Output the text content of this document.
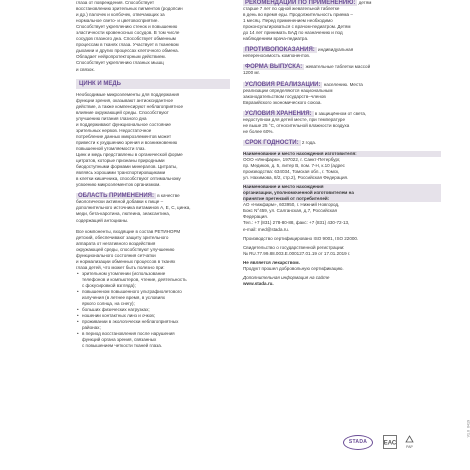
глаза от повреждения. Способствует

восстановлению зрительных пигментов (родопсин

и др.) палочек и колбочек, отвечающих за

нормальное свето- и цветовосприятие.

Способствует укреплению стенок и повышению

эластичности кровеносных сосудов. В том числе

сосудов глазного дна. Способствует обменным

процессам в тканях глаза. Участвует в тканевом

дыхании и других процессах клеточного обмена.

Обладает нейропротекторным действием.

Способствует укреплению глазных мышц

и связок.

ЦИНК И МЕДЬ

Необходимые микроэлементы для поддержания

функции зрения, оказывают антиоксидантное

действие, а также компенсируют неблагоприятное

влияние окружающей среды. Способствуют

улучшению питания глазного дна

и поддерживают функциональное состояние

зрительных нервов. Недостаточное

потребление данных микроэлементов может

привести к ухудшению зрения и возникновению

повышенной утомляемости глаз.

Цинк и медь представлены в органической форме

цитратов, которые признаны природными

биодоступными формами минералов. Цитраты,

являясь хорошими транспортировщиками

в клетки кишечника, способствуют оптимальному

усвоению микроэлементов организмом.

ОБЛАСТЬ ПРИМЕНЕНИЯ: в качестве

биологически активной добавки к пище –

дополнительного источника витаминов А, Е, С, цинка,

меди, бета-каротина, лютеина, зеаксантина,

содержащей антоцианы.

Все компоненты, входящие в состав РЕТИНОРМ

детский, обеспечивают защиту зрительного

аппарата от негативного воздействия

окружающей среды, способствуют улучшению

функционального состояния сетчатки

и нормализации обменных процессов в тканях

глаза детей, что может быть полезно при:

• зрительном утомлении (использование

телефонов и компьютеров, чтение, деятельность

с фокусировкой взгляда);

• повышенном повышенного ультрафиолетового

излучения (в летнее время, в условиях

яркого солнца, на снегу);

• больших физических нагрузках;

• ношении контактных линз и очков;

• проживании в экологически неблагоприятных

районах;

• в период восстановления после нарушения

функций органа зрения, связанных

с повышением четкости тканей глаза.

РЕКОМЕНДАЦИИ ПО ПРИМЕНЕНИЮ: детям

старше 7 лет по одной жевательной таблетке

в день во время еды. Продолжительность приема –

1 месяц. Перед применением необходимо

проконсультироваться с врачом-педиатром. Детям

до 14 лет принимать БАД по назначению и под

наблюдением врача-педиатра.

ПРОТИВОПОКАЗАНИЯ: индивидуальная

непереносимость компонентов.

ФОРМА ВЫПУСКА: жевательные таблетки массой

1200 мг.

УСЛОВИЯ РЕАЛИЗАЦИИ: населению. Места

реализации определяются национальным

законодательством государств–членов

Евразийского экономического союза.

УСЛОВИЯ ХРАНЕНИЯ: в защищённом от света,

недоступном для детей месте, при температуре

не выше 25 °С, относительной влажности воздуха

не более 60%.

СРОК ГОДНОСТИ: 2 года.

Наименование и место нахождения изготовителя:

ООО «Иннфарм», 197022, г. Санкт-Петербург,

пр. Медиков, д. 5, литер В, пом. 7-Н, к.10 (адрес

производства: 634034, Томская обл., г. Томск,

ул. Нахимова, 8/2, стр.2), Российская Федерация.

Наименование и место нахождения

организации, уполномоченной изготовителем на

принятие претензий от потребителей:

АО «Нижфарм», 603950, г. Нижний Новгород,

Бокс N°459, ул. Салганская, д.7, Российская

Федерация.

Тел.: +7 (831) 278-80-88, факс: +7 (831) 430-72-13,

e-mail: med@stada.ru.

Производство сертифицировано ISO 9001, ISO 22000.

Свидетельство о государственной регистрации:

№ RU.77.99.88.003.E.000127.01.19 от 17.01.2019 г.

Не является лекарством.

Продукт прошел добровольную сертификацию.

Дополнительная информация на сайте

www.stada.ru.

STADA	ЕАС
PAP
V1.0_0419
